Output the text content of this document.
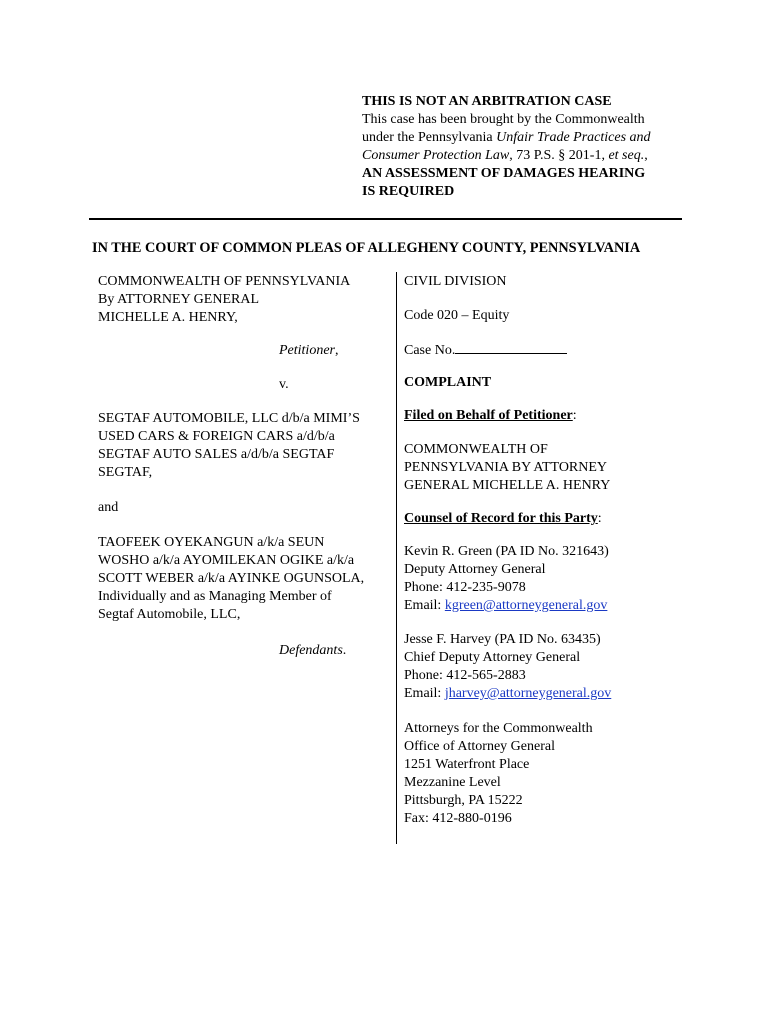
THIS IS NOT AN ARBITRATION CASE
This case has been brought by the Commonwealth
under the Pennsylvania Unfair Trade Practices and
Consumer Protection Law, 73 P.S. § 201-1, et seq.,
AN ASSESSMENT OF DAMAGES HEARING
IS REQUIRED
IN THE COURT OF COMMON PLEAS OF ALLEGHENY COUNTY, PENNSYLVANIA
COMMONWEALTH OF PENNSYLVANIA
By ATTORNEY GENERAL
MICHELLE A. HENRY,
Petitioner,
v.
SEGTAF AUTOMOBILE, LLC d/b/a MIMI’S
USED CARS & FOREIGN CARS a/d/b/a
SEGTAF AUTO SALES a/d/b/a SEGTAF
SEGTAF,
and
TAOFEEK OYEKANGUN a/k/a SEUN
WOSHO a/k/a AYOMILEKAN OGIKE a/k/a
SCOTT WEBER a/k/a AYINKE OGUNSOLA,
Individually and as Managing Member of
Segtaf Automobile, LLC,
Defendants.
CIVIL DIVISION
Code 020 – Equity
Case No.
COMPLAINT
Filed on Behalf of Petitioner:
COMMONWEALTH OF
PENNSYLVANIA BY ATTORNEY
GENERAL MICHELLE A. HENRY
Counsel of Record for this Party:
Kevin R. Green (PA ID No. 321643)
Deputy Attorney General
Phone: 412-235-9078
Email: kgreen@attorneygeneral.gov
Jesse F. Harvey (PA ID No. 63435)
Chief Deputy Attorney General
Phone: 412-565-2883
Email: jharvey@attorneygeneral.gov
Attorneys for the Commonwealth
Office of Attorney General
1251 Waterfront Place
Mezzanine Level
Pittsburgh, PA 15222
Fax: 412-880-0196
